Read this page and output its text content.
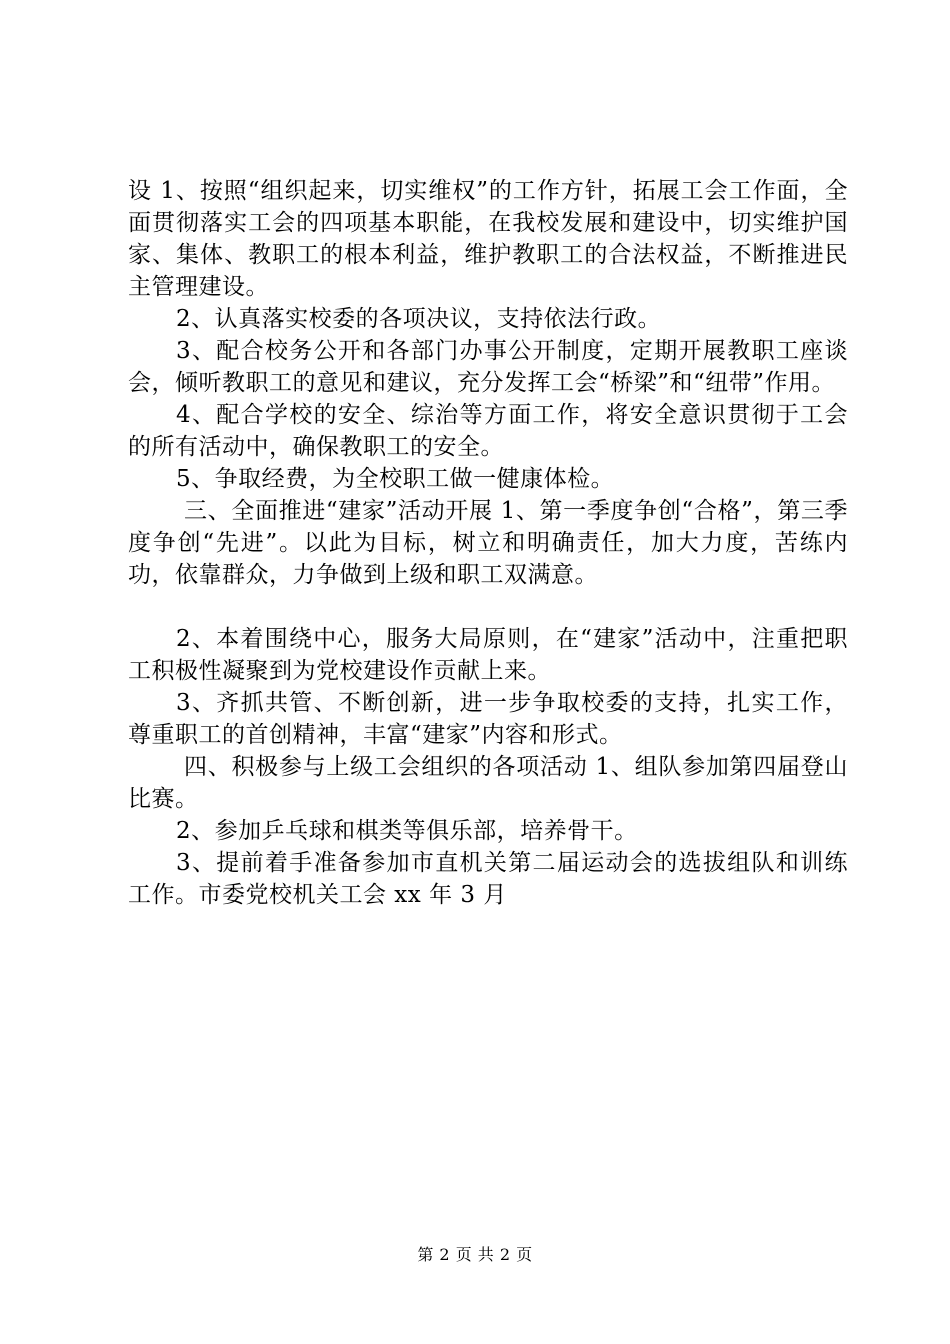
设 1、按照“组织起来，切实维权”的工作方针，拓展工会工作面，全面贯彻落实工会的四项基本职能，在我校发展和建设中，切实维护国家、集体、教职工的根本利益，维护教职工的合法权益，不断推进民主管理建设。

2、认真落实校委的各项决议，支持依法行政。

3、配合校务公开和各部门办事公开制度，定期开展教职工座谈会，倾听教职工的意见和建议，充分发挥工会“桥梁”和“纽带”作用。

4、配合学校的安全、综治等方面工作，将安全意识贯彻于工会的所有活动中，确保教职工的安全。

5、争取经费，为全校职工做一健康体检。

三、全面推进“建家”活动开展 1、第一季度争创“合格”，第三季度争创“先进”。以此为目标，树立和明确责任，加大力度，苦练内功，依靠群众，力争做到上级和职工双满意。

2、本着围绕中心，服务大局原则，在“建家”活动中，注重把职工积极性凝聚到为党校建设作贡献上来。

3、齐抓共管、不断创新，进一步争取校委的支持，扎实工作，尊重职工的首创精神，丰富“建家”内容和形式。

四、积极参与上级工会组织的各项活动 1、组队参加第四届登山比赛。

2、参加乒乓球和棋类等俱乐部，培养骨干。

3、提前着手准备参加市直机关第二届运动会的选拔组队和训练工作。市委党校机关工会 xx 年 3 月

第 2 页 共 2 页
